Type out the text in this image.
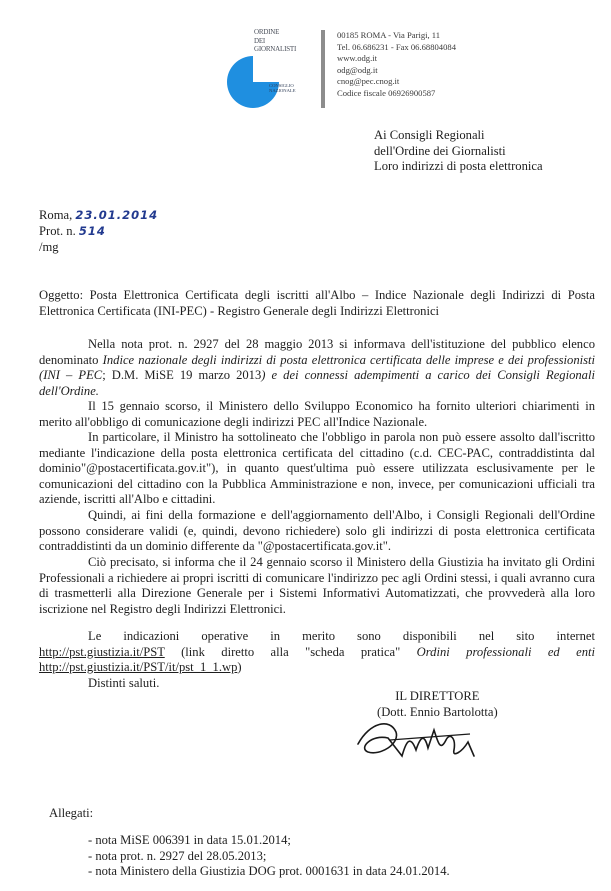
ORDINE
DEI
GIORNALISTI
CONSIGLIO
NAZIONALE
00185 ROMA - Via Parigi, 11
Tel. 06.686231 - Fax 06.68804084
www.odg.it
odg@odg.it
cnog@pec.cnog.it
Codice fiscale 06926900587
Ai Consigli Regionali
dell'Ordine dei Giornalisti
Loro indirizzi di posta elettronica
Roma, 23.01.2014
Prot. n. 514
/mg
Oggetto: Posta Elettronica Certificata degli iscritti all'Albo – Indice Nazionale degli Indirizzi di Posta Elettronica Certificata (INI-PEC) - Registro Generale degli Indirizzi Elettronici
Nella nota prot. n. 2927 del 28 maggio 2013 si informava dell'istituzione del pubblico elenco denominato Indice nazionale degli indirizzi di posta elettronica certificata delle imprese e dei professionisti (INI – PEC; D.M. MiSE 19 marzo 2013) e dei connessi adempimenti a carico dei Consigli Regionali dell'Ordine.
Il 15 gennaio scorso, il Ministero dello Sviluppo Economico ha fornito ulteriori chiarimenti in merito all'obbligo di comunicazione degli indirizzi PEC all'Indice Nazionale.
In particolare, il Ministro ha sottolineato che l'obbligo in parola non può essere assolto dall'iscritto mediante l'indicazione della posta elettronica certificata del cittadino (c.d. CEC-PAC, contraddistinta dal dominio"@postacertificata.gov.it"), in quanto quest'ultima può essere utilizzata esclusivamente per le comunicazioni del cittadino con la Pubblica Amministrazione e non, invece, per comunicazioni ufficiali tra aziende, iscritti all'Albo e cittadini.
Quindi, ai fini della formazione e dell'aggiornamento dell'Albo, i Consigli Regionali dell'Ordine possono considerare validi (e, quindi, devono richiedere) solo gli indirizzi di posta elettronica certificata contraddistinti da un dominio differente da "@postacertificata.gov.it".
Ciò precisato, si informa che il 24 gennaio scorso il Ministero della Giustizia ha invitato gli Ordini Professionali a richiedere ai propri iscritti di comunicare l'indirizzo pec agli Ordini stessi, i quali avranno cura di trasmetterli alla Direzione Generale per i Sistemi Informativi Automatizzati, che provvederà alla loro iscrizione nel Registro degli Indirizzi Elettronici.
Le indicazioni operative in merito sono disponibili nel sito internet
http://pst.giustizia.it/PST (link diretto alla "scheda pratica" Ordini professionali ed enti
http://pst.giustizia.it/PST/it/pst_1_1.wp)
Distinti saluti.
IL DIRETTORE
(Dott. Ennio Bartolotta)
Allegati:
- nota MiSE 006391 in data 15.01.2014;
- nota prot. n. 2927 del 28.05.2013;
- nota Ministero della Giustizia DOG prot. 0001631 in data 24.01.2014.
